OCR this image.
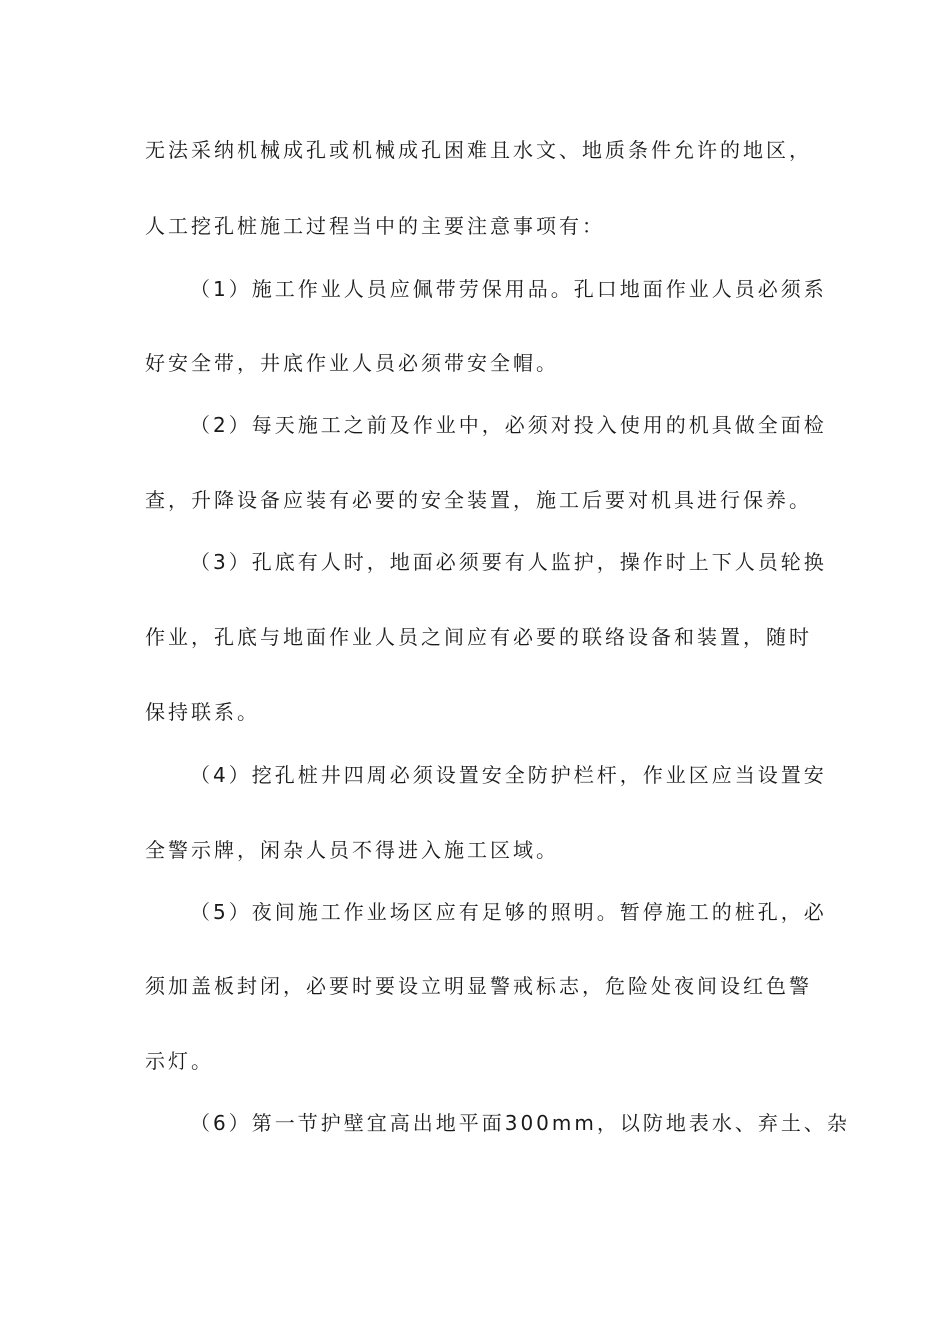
无法采纳机械成孔或机械成孔困难且水文、地质条件允许的地区，
人工挖孔桩施工过程当中的主要注意事项有：
（1）施工作业人员应佩带劳保用品。孔口地面作业人员必须系
好安全带，井底作业人员必须带安全帽。
（2）每天施工之前及作业中，必须对投入使用的机具做全面检
查，升降设备应装有必要的安全装置，施工后要对机具进行保养。
（3）孔底有人时，地面必须要有人监护，操作时上下人员轮换
作业，孔底与地面作业人员之间应有必要的联络设备和装置，随时
保持联系。
（4）挖孔桩井四周必须设置安全防护栏杆，作业区应当设置安
全警示牌，闲杂人员不得进入施工区域。
（5）夜间施工作业场区应有足够的照明。暂停施工的桩孔，必
须加盖板封闭，必要时要设立明显警戒标志，危险处夜间设红色警
示灯。
（6）第一节护壁宜高出地平面300mm，以防地表水、弃土、杂
